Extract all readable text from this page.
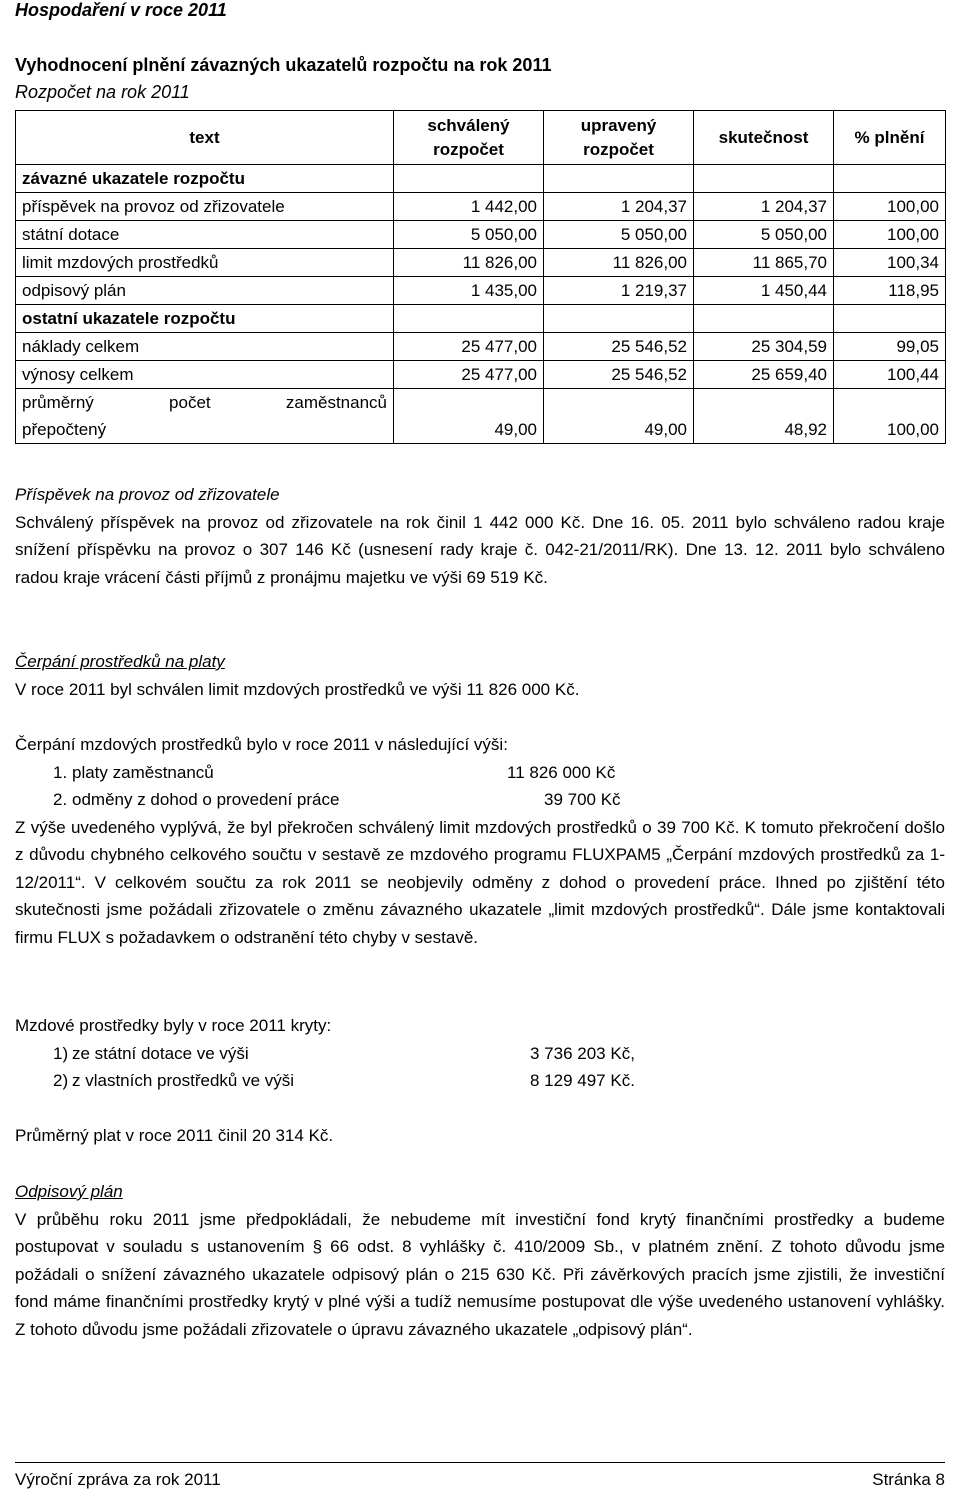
Hospodaření v roce 2011
Vyhodnocení plnění závazných ukazatelů rozpočtu na rok 2011
Rozpočet na rok 2011
text	schválený rozpočet	upravený rozpočet	skutečnost	% plnění
závazné ukazatele rozpočtu				
příspěvek na provoz od zřizovatele	1 442,00	1 204,37	1 204,37	100,00
státní dotace	5 050,00	5 050,00	5 050,00	100,00
limit mzdových prostředků	11 826,00	11 826,00	11 865,70	100,34
odpisový plán	1 435,00	1 219,37	1 450,44	118,95
ostatní ukazatele rozpočtu				
náklady celkem	25 477,00	25 546,52	25 304,59	99,05
výnosy celkem	25 477,00	25 546,52	25 659,40	100,44

průměrný počet zaměstnanců
přepočtený	49,00	49,00	48,92	100,00

Příspěvek na provoz od zřizovatele

Schválený příspěvek na provoz od zřizovatele na rok činil 1 442 000 Kč. Dne 16. 05. 2011 bylo schváleno radou kraje snížení příspěvku na provoz o 307 146 Kč (usnesení rady kraje č. 042-21/2011/RK). Dne 13. 12. 2011 bylo schváleno radou kraje vrácení části příjmů z pronájmu majetku ve výši 69 519 Kč.

Čerpání prostředků na platy

V roce 2011 byl schválen limit mzdových prostředků ve výši 11 826 000 Kč.

Čerpání mzdových prostředků bylo v roce 2011 v následující výši:

1. platy zaměstnanců	11 826 000 Kč
2. odměny z dohod o provedení práce	39 700 Kč

Z výše uvedeného vyplývá, že byl překročen schválený limit mzdových prostředků o 39 700 Kč. K tomuto překročení došlo z důvodu chybného celkového součtu v sestavě ze mzdového programu FLUXPAM5 „Čerpání mzdových prostředků za 1-12/2011“. V celkovém součtu za rok 2011 se neobjevily odměny z dohod o provedení práce. Ihned po zjištění této skutečnosti jsme požádali zřizovatele o změnu závazného ukazatele „limit mzdových prostředků“. Dále jsme kontaktovali firmu FLUX s požadavkem o odstranění této chyby v sestavě.

Mzdové prostředky byly v roce 2011 kryty:

1) ze státní dotace ve výši	3 736 203 Kč,
2) z vlastních prostředků ve výši	8 129 497 Kč.
Průměrný plat v roce 2011 činil 20 314 Kč.

Odpisový plán

V průběhu roku 2011 jsme předpokládali, že nebudeme mít investiční fond krytý finančními prostředky a budeme postupovat v souladu s ustanovením § 66 odst. 8 vyhlášky č. 410/2009 Sb., v platném znění. Z tohoto důvodu jsme požádali o snížení závazného ukazatele odpisový plán o 215 630 Kč. Při závěrkových pracích jsme zjistili, že investiční fond máme finančními prostředky krytý v plné výši a tudíž nemusíme postupovat dle výše uvedeného ustanovení vyhlášky. Z tohoto důvodu jsme požádali zřizovatele o úpravu závazného ukazatele „odpisový plán“.

Výroční zpráva za rok 2011	Stránka 8
